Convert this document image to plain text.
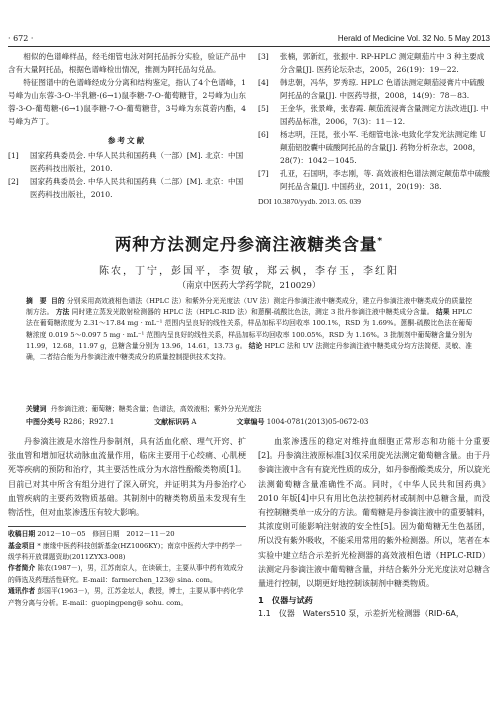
· 672 ·	Herald of Medicine Vol. 32 No. 5 May 2013

相似的色谱峰样品，经毛细管电泳对阿托品拆分实验，验证产品中含有大量阿托品，根据色谱峰检出情况，推测为阿托品勾兑品。

特征图谱中的色谱峰经成分分离和结构鉴定，指认了4个色谱峰，1号峰为山东蓉-3-O-半乳糖-(6→1)鼠李糖-7-O-葡萄糖苷，2号峰为山东蓉-3-O-葡萄糖-(6→1)鼠李糖-7-O-葡萄糖苷，3号峰为东莨菪内酯，4号峰为芦丁。

参考文献
[1]	国家药典委员会. 中华人民共和国药典（一部）[M]. 北京：中国医药科技出版社，2010.
[2]	国家药典委员会. 中华人民共和国药典（二部）[M]. 北京：中国医药科技出版社，2010.
[3]	张楠，郭新红，张振中. RP-HPLC 测定颠茄片中 3 种主要成分含量[J]. 医药论坛杂志，2005，26(19)：19－22.
[4]	韩忠朝，冯华，罗秀琼. HPLC 色谱法测定颠茄浸膏片中硫酸阿托品的含量[J]. 中医药导报，2008，14(9)：78－83.
[5]	王金华，张景峰，张春霞. 颠茄流浸膏含量测定方法改进[J]. 中国药品标准，2006，7(3)：11－12.
[6]	杨志明，汪昆，张小军. 毛细管电泳-电致化学发光法测定维 U 颠茄铝胶囊中硫酸阿托品的含量[J]. 药物分析杂志，2008，28(7)：1042－1045.
[7]	孔亚，石国明，李志刚，等. 高效液相色谱法测定颠茄草中硫酸阿托品含量[J]. 中国药业，2011，20(19)：38.
DOI 10.3870/yydb. 2013. 05. 039
两种方法测定丹参滴注液糖类含量*
陈农，丁宁，彭国平，李贺敏，郑云枫，李存玉，李红阳
（南京中医药大学药学院，210029）
摘　要 目的 分别采用高效液相色谱法（HPLC 法）和紫外分光光度法（UV 法）测定丹参滴注液中糖类成分，建立丹参滴注液中糖类成分的质量控制方法。 方法 同时建立蒸发光散射检测器的 HPLC 法（HPLC-RID 法）和蒽酮-硫酸比色法，测定 3 批丹参滴注液中糖类成分含量。 结果 HPLC 法在葡萄糖浓度为 2.31～17.84 mg · mL⁻¹ 范围内呈良好的线性关系，样品加标平均回收率 100.1%，RSD 为 1.69%。蒽酮-硫酸比色法在葡萄糖浓度 0.019 5～0.097 5 mg · mL⁻¹ 范围内呈良好的线性关系，样品加标平均回收率 100.05%，RSD 为 1.16%。3 批制剂中葡萄糖含量分别为 11.99，12.68，11.97 g，总糖含量分别为 13.96，14.61，13.73 g。 结论 HPLC 法和 UV 法测定丹参滴注液中糖类成分均方法简便、灵敏、准确，二者结合能为丹参滴注液中糖类成分的质量控制提供技术支持。
关键词 丹参滴注液；葡萄糖；糖类含量；色谱法，高效液相；紫外分光光度法
中图分类号 R286；R927.1	文献标识码 A	文章编号 1004-0781(2013)05-0672-03

丹参滴注液是水溶性丹参制剂，具有活血化瘀、理气开窍、扩张血管和增加冠状动脉血流量作用，临床主要用于心绞痛、心肌梗死等疾病的预防和治疗，其主要活性成分为水溶性酚酸类物质[1]。目前已对其中所含有组分进行了深入研究，并证明其为丹参治疗心血管疾病的主要药效物质基础。其制剂中的糖类物质虽未发现有生物活性，但对血浆渗透压有较大影响。

收稿日期 2012－10－05　修回日期　2012－11－20
基金项目 * 康缘中医药科技创新基金(HZ1006KY)；南京中医药大学中药学一级学科开放课题资助(2011ZYX3-008)
作者简介 陈农(1987－)，男，江苏南京人，在读硕士，主要从事中药有效成分的筛选及药理活性研究。E-mail：farmerchen_123@ sina. com。
通讯作者 彭国平(1963－)，男，江苏金坛人，教授，博士，主要从事中药化学产物分离与分析。E-mail：guopingpeng@ sohu. com。

血浆渗透压的稳定对维持血细胞正常形态和功能十分重要[2]。丹参滴注液原标准[3]仅采用旋光法测定葡萄糖含量。由于丹参滴注液中含有有旋光性质的成分，如丹参酚酸类成分，所以旋光法测葡萄糖含量准确性不高。同时，《中华人民共和国药典》2010 年版[4]中只有用比色法控制药材或制剂中总糖含量，而没有控制糖类单一成分的方法。葡萄糖是丹参滴注液中的重要辅料，其浓度则可能影响注射液的安全性[5]。因为葡萄糖无生色基团，所以没有紫外吸收，不能采用常用的紫外检测器。所以，笔者在本实验中建立结合示差折光检测器的高效液相色谱（HPLC-RID）法测定丹参滴注液中葡萄糖含量，并结合紫外分光光度法对总糖含量进行控制，以期更好地控制该制剂中糖类物质。

1　仪器与试药
1.1　仪器　Waters510 泵，示差折光检测器（RID-6A，
